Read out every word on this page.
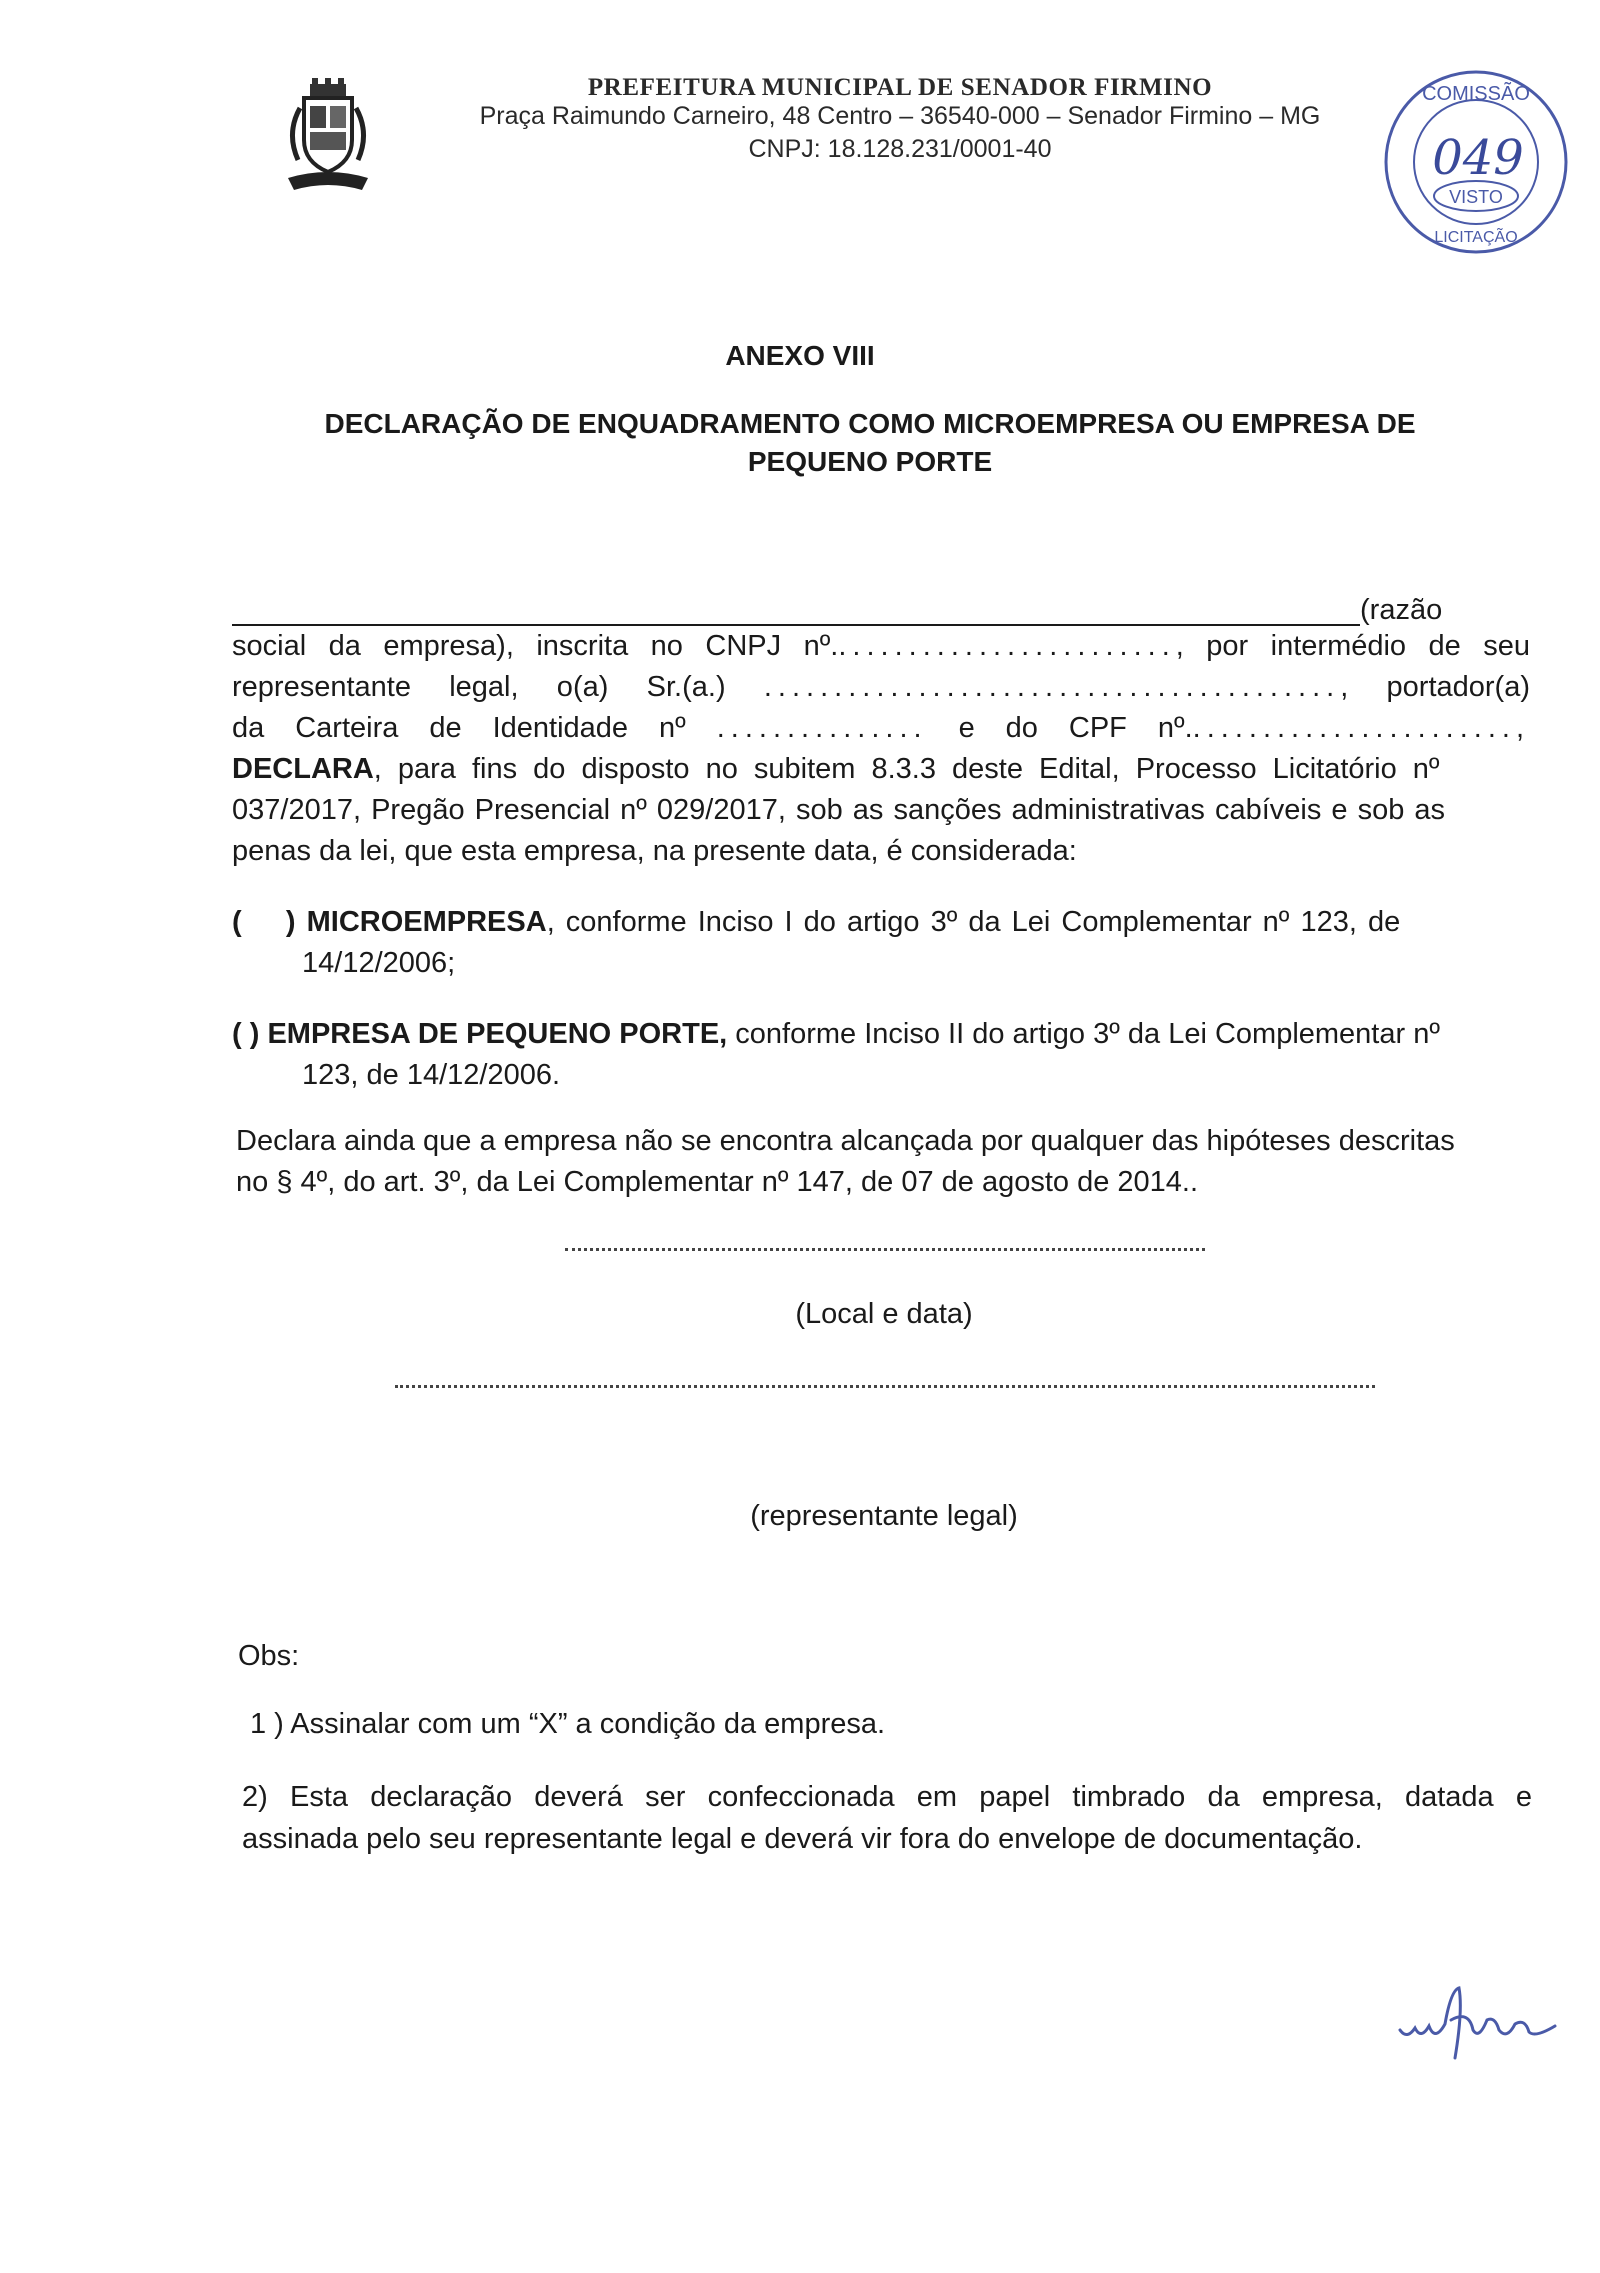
PREFEITURA MUNICIPAL DE SENADOR FIRMINO
Praça Raimundo Carneiro, 48 Centro – 36540-000 – Senador Firmino – MG
CNPJ: 18.128.231/0001-40
COMISSÃO
049
VISTO
LICITAÇÃO
ANEXO VIII
DECLARAÇÃO DE ENQUADRAMENTO COMO MICROEMPRESA OU EMPRESA DE
PEQUENO PORTE
(razão
social da empresa), inscrita no CNPJ nº........................., por intermédio de seu
representante legal, o(a) Sr.(a.) ........................................., portador(a)
da Carteira de Identidade nº ............... e do CPF nº........................,
DECLARA, para fins do disposto no subitem 8.3.3 deste Edital, Processo Licitatório nº
037/2017, Pregão Presencial nº 029/2017, sob as sanções administrativas cabíveis e sob as
penas da lei, que esta empresa, na presente data, é considerada:
(    ) MICROEMPRESA, conforme Inciso I do artigo 3º da Lei Complementar nº 123, de
14/12/2006;
( ) EMPRESA DE PEQUENO PORTE, conforme Inciso II do artigo 3º da Lei Complementar nº
123, de 14/12/2006.
Declara ainda que a empresa não se encontra alcançada por qualquer das hipóteses descritas
no § 4º, do art. 3º, da Lei Complementar nº 147, de 07 de agosto de 2014..
(Local e data)
(representante legal)
Obs:
1 ) Assinalar com um “X” a condição da empresa.
2) Esta declaração deverá ser confeccionada em papel timbrado da empresa, datada e
assinada pelo seu representante legal e deverá vir fora do envelope de documentação.
